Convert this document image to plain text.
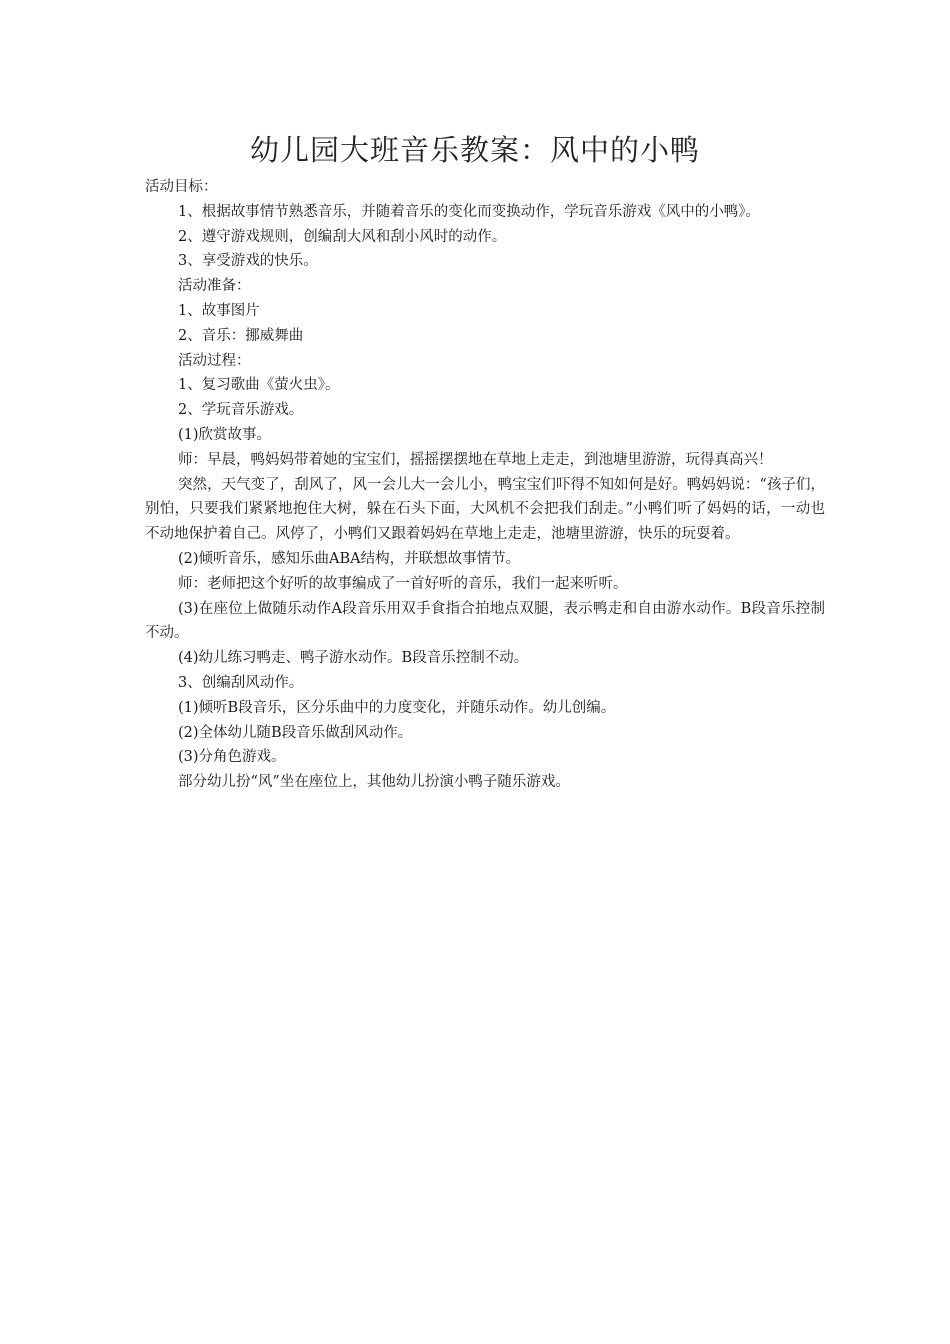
幼儿园大班音乐教案：风中的小鸭

活动目标：

1、根据故事情节熟悉音乐，并随着音乐的变化而变换动作，学玩音乐游戏《风中的小鸭》。

2、遵守游戏规则，创编刮大风和刮小风时的动作。

3、享受游戏的快乐。

活动准备：

1、故事图片

2、音乐：挪威舞曲

活动过程：

1、复习歌曲《萤火虫》。

2、学玩音乐游戏。

(1)欣赏故事。

师：早晨，鸭妈妈带着她的宝宝们，摇摇摆摆地在草地上走走，到池塘里游游，玩得真高兴！

突然，天气变了，刮风了，风一会儿大一会儿小，鸭宝宝们吓得不知如何是好。鸭妈妈说：“孩子们，别怕，只要我们紧紧地抱住大树，躲在石头下面，大风机不会把我们刮走。”小鸭们听了妈妈的话，一动也不动地保护着自己。风停了，小鸭们又跟着妈妈在草地上走走，池塘里游游，快乐的玩耍着。

(2)倾听音乐，感知乐曲ABA结构，并联想故事情节。

师：老师把这个好听的故事编成了一首好听的音乐，我们一起来听听。

(3)在座位上做随乐动作A段音乐用双手食指合拍地点双腿，表示鸭走和自由游水动作。B段音乐控制不动。

(4)幼儿练习鸭走、鸭子游水动作。B段音乐控制不动。

3、创编刮风动作。

(1)倾听B段音乐，区分乐曲中的力度变化，并随乐动作。幼儿创编。

(2)全体幼儿随B段音乐做刮风动作。

(3)分角色游戏。

部分幼儿扮“风”坐在座位上，其他幼儿扮演小鸭子随乐游戏。
